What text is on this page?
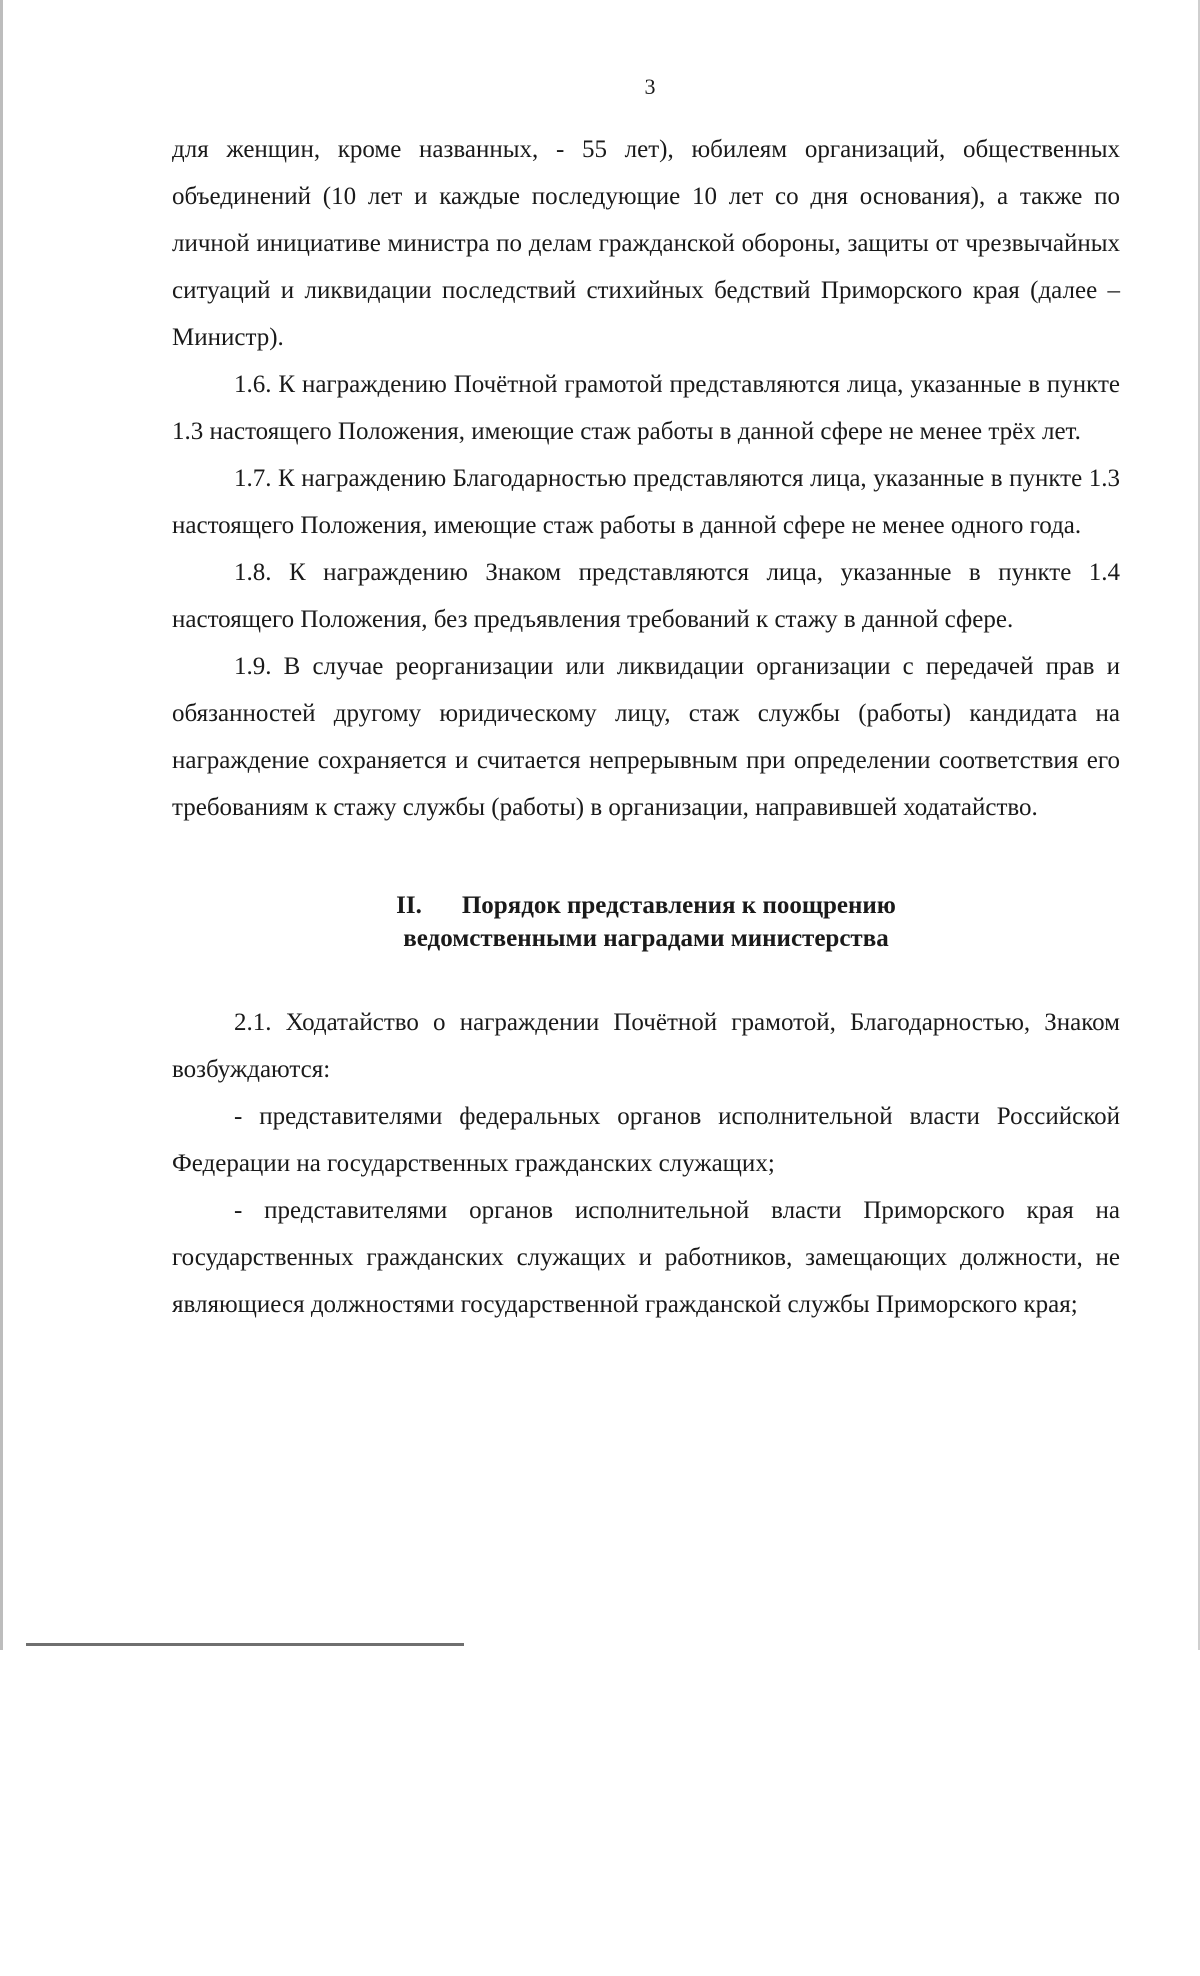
3

для женщин, кроме названных, - 55 лет), юбилеям организаций, общественных объединений (10 лет и каждые последующие 10 лет со дня основания), а также по личной инициативе министра по делам гражданской обороны, защиты от чрезвычайных ситуаций и ликвидации последствий стихийных бедствий Приморского края (далее – Министр).

1.6. К награждению Почётной грамотой представляются лица, указанные в пункте 1.3 настоящего Положения, имеющие стаж работы в данной сфере не менее трёх лет.

1.7. К награждению Благодарностью представляются лица, указанные в пункте 1.3 настоящего Положения, имеющие стаж работы в данной сфере не менее одного года.

1.8. К награждению Знаком представляются лица, указанные в пункте 1.4 настоящего Положения, без предъявления требований к стажу в данной сфере.

1.9. В случае реорганизации или ликвидации организации с передачей прав и обязанностей другому юридическому лицу, стаж службы (работы) кандидата на награждение сохраняется и считается непрерывным при определении соответствия его требованиям к стажу службы (работы) в организации, направившей ходатайство.

II. Порядок представления к поощрению
ведомственными наградами министерства

2.1. Ходатайство о награждении Почётной грамотой, Благодарностью, Знаком возбуждаются:

- представителями федеральных органов исполнительной власти Российской Федерации на государственных гражданских служащих;

- представителями органов исполнительной власти Приморского края на государственных гражданских служащих и работников, замещающих должности, не являющиеся должностями государственной гражданской службы Приморского края;
